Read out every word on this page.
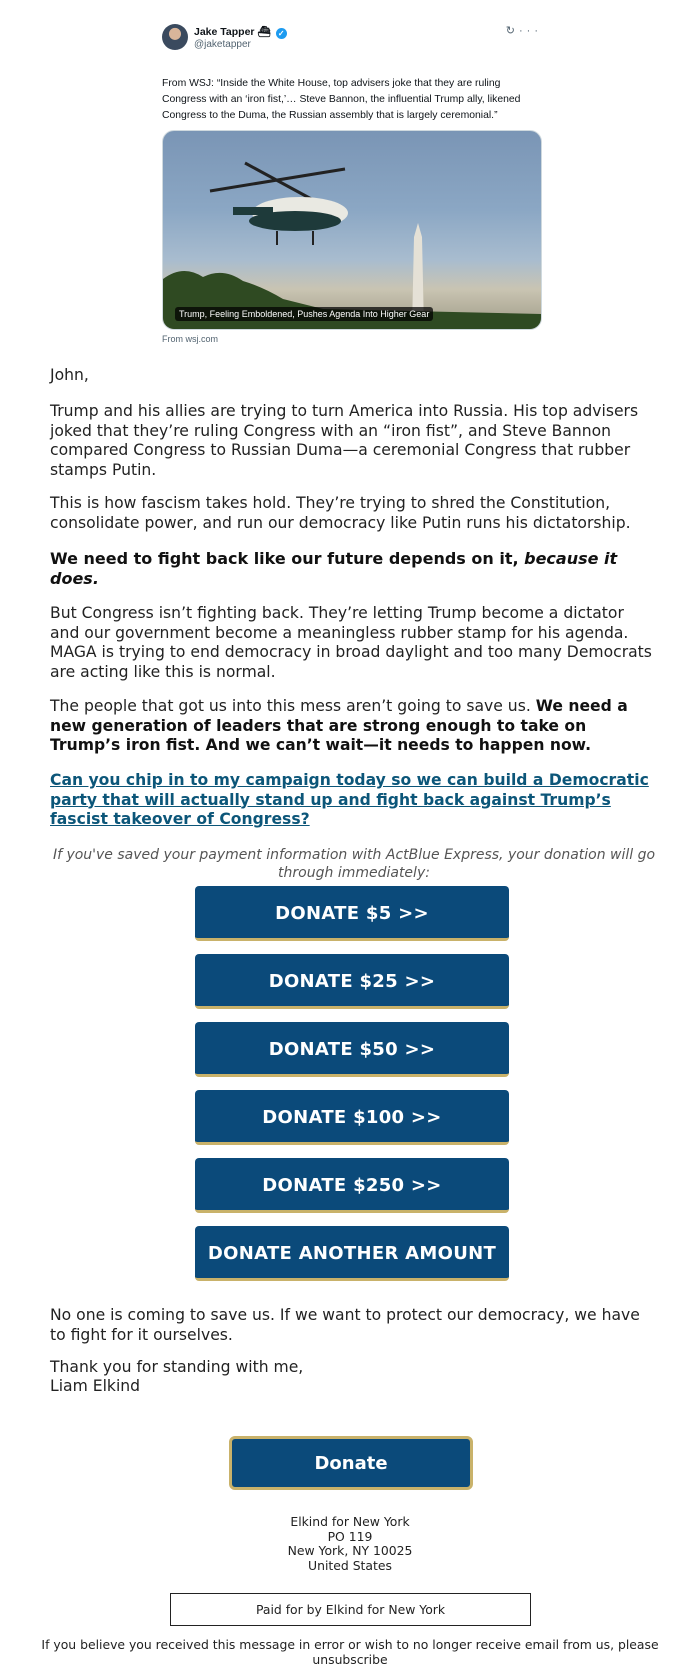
Jake Tapper ⛴ ✓
@jaketapper
↻···
From WSJ: “Inside the White House, top advisers joke that they are ruling Congress with an ‘iron fist,’… Steve Bannon, the influential Trump ally, likened Congress to the Duma, the Russian assembly that is largely ceremonial.”
Trump, Feeling Emboldened, Pushes Agenda Into Higher Gear
From wsj.com
John,
Trump and his allies are trying to turn America into Russia. His top advisers joked that they’re ruling Congress with an “iron fist”, and Steve Bannon compared Congress to Russian Duma—a ceremonial Congress that rubber stamps Putin.
This is how fascism takes hold. They’re trying to shred the Constitution, consolidate power, and run our democracy like Putin runs his dictatorship.
We need to fight back like our future depends on it, because it does.
But Congress isn’t fighting back. They’re letting Trump become a dictator and our government become a meaningless rubber stamp for his agenda. MAGA is trying to end democracy in broad daylight and too many Democrats are acting like this is normal.
The people that got us into this mess aren’t going to save us. We need a new generation of leaders that are strong enough to take on Trump’s iron fist. And we can’t wait—it needs to happen now.
Can you chip in to my campaign today so we can build a Democratic party that will actually stand up and fight back against Trump’s fascist takeover of Congress?
If you've saved your payment information with ActBlue Express, your donation will go through immediately:
DONATE $5 >>
DONATE $25 >>
DONATE $50 >>
DONATE $100 >>
DONATE $250 >>
DONATE ANOTHER AMOUNT
No one is coming to save us. If we want to protect our democracy, we have to fight for it ourselves.
Thank you for standing with me,
Liam Elkind
Donate
Elkind for New York
PO 119
New York, NY 10025
United States
Paid for by Elkind for New York
If you believe you received this message in error or wish to no longer receive email from us, please unsubscribe
